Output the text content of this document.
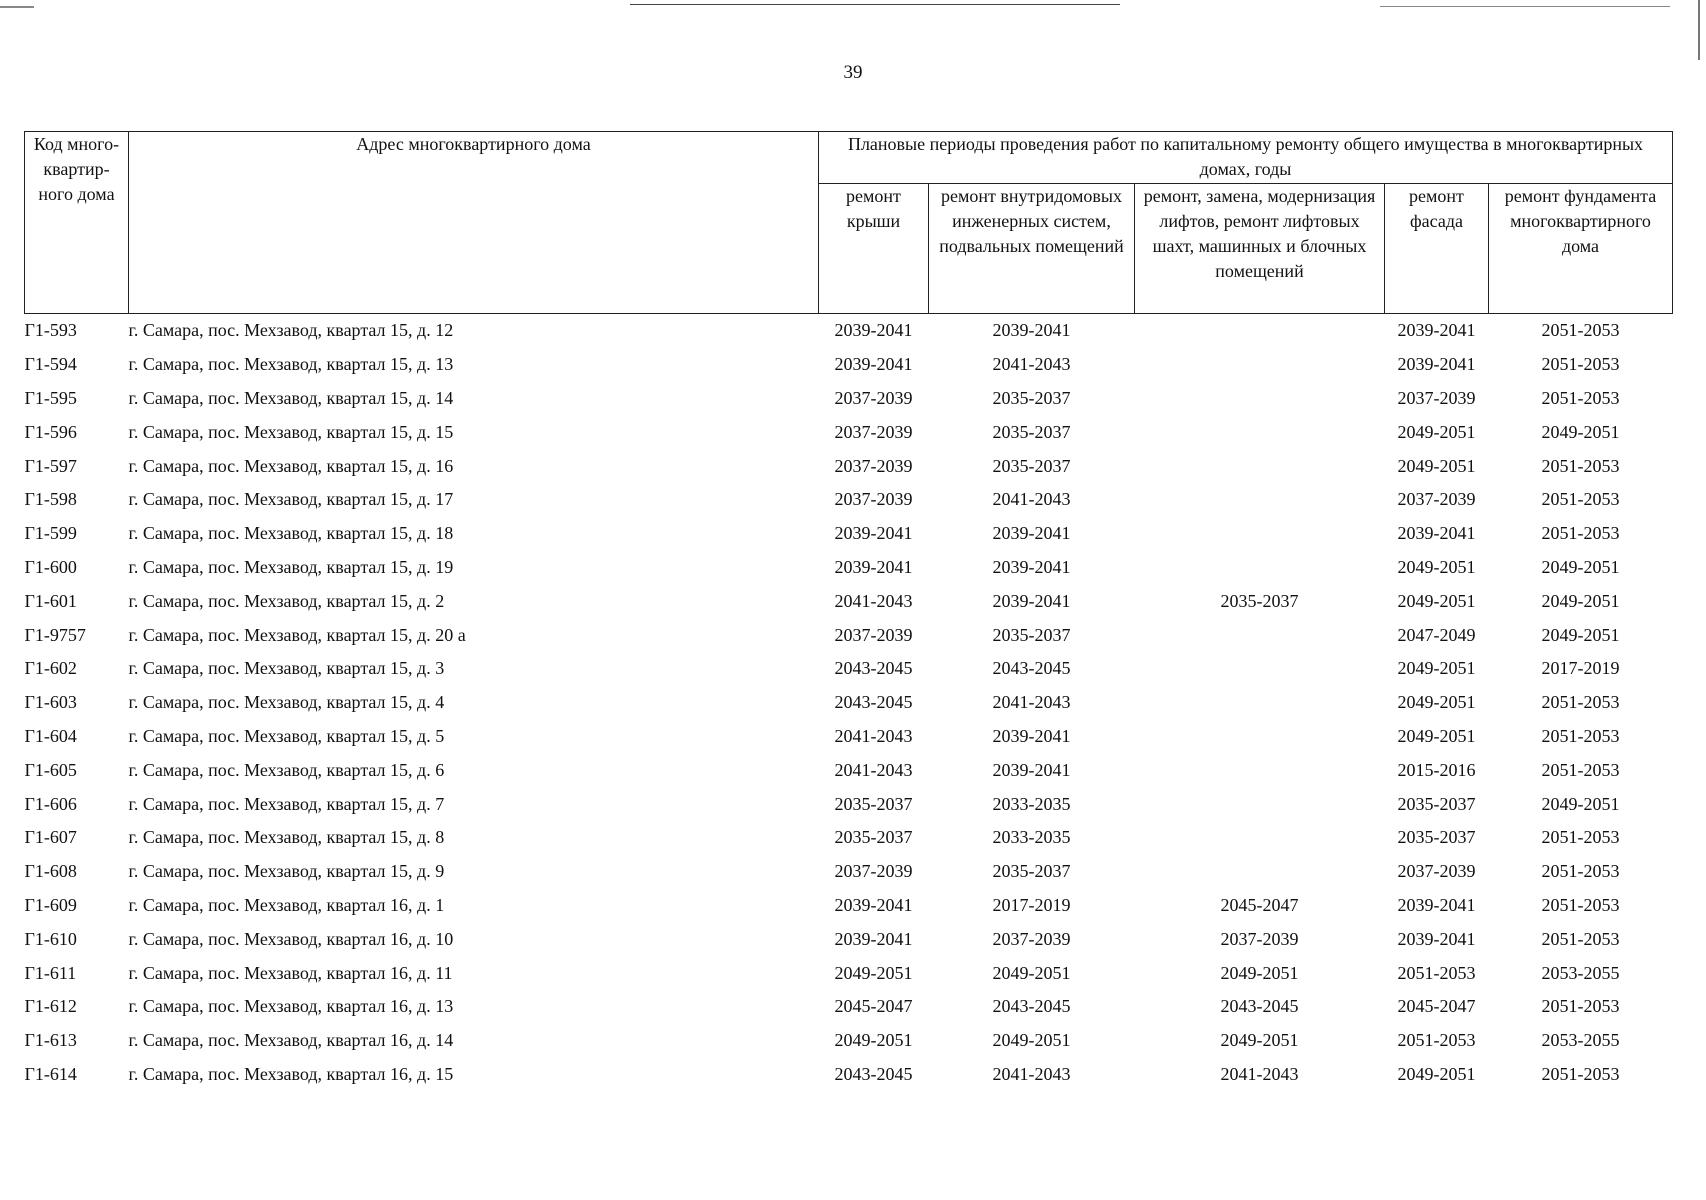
39
Код много-квартир-ного дома	Адрес многоквартирного дома	Плановые периоды проведения работ по капитальному ремонту общего имущества в многоквартирных домах, годы				
		ремонт крыши	ремонт внутридомовых инженерных систем, подвальных помещений	ремонт, замена, модернизация лифтов, ремонт лифтовых шахт, машинных и блочных помещений	ремонт фасада	ремонт фундамента многоквартирного дома
Г1-593	г. Самара, пос. Мехзавод, квартал 15, д. 12	2039-2041	2039-2041		2039-2041	2051-2053
Г1-594	г. Самара, пос. Мехзавод, квартал 15, д. 13	2039-2041	2041-2043		2039-2041	2051-2053
Г1-595	г. Самара, пос. Мехзавод, квартал 15, д. 14	2037-2039	2035-2037		2037-2039	2051-2053
Г1-596	г. Самара, пос. Мехзавод, квартал 15, д. 15	2037-2039	2035-2037		2049-2051	2049-2051
Г1-597	г. Самара, пос. Мехзавод, квартал 15, д. 16	2037-2039	2035-2037		2049-2051	2051-2053
Г1-598	г. Самара, пос. Мехзавод, квартал 15, д. 17	2037-2039	2041-2043		2037-2039	2051-2053
Г1-599	г. Самара, пос. Мехзавод, квартал 15, д. 18	2039-2041	2039-2041		2039-2041	2051-2053
Г1-600	г. Самара, пос. Мехзавод, квартал 15, д. 19	2039-2041	2039-2041		2049-2051	2049-2051
Г1-601	г. Самара, пос. Мехзавод, квартал 15, д. 2	2041-2043	2039-2041	2035-2037	2049-2051	2049-2051
Г1-9757	г. Самара, пос. Мехзавод, квартал 15, д. 20 а	2037-2039	2035-2037		2047-2049	2049-2051
Г1-602	г. Самара, пос. Мехзавод, квартал 15, д. 3	2043-2045	2043-2045		2049-2051	2017-2019
Г1-603	г. Самара, пос. Мехзавод, квартал 15, д. 4	2043-2045	2041-2043		2049-2051	2051-2053
Г1-604	г. Самара, пос. Мехзавод, квартал 15, д. 5	2041-2043	2039-2041		2049-2051	2051-2053
Г1-605	г. Самара, пос. Мехзавод, квартал 15, д. 6	2041-2043	2039-2041		2015-2016	2051-2053
Г1-606	г. Самара, пос. Мехзавод, квартал 15, д. 7	2035-2037	2033-2035		2035-2037	2049-2051
Г1-607	г. Самара, пос. Мехзавод, квартал 15, д. 8	2035-2037	2033-2035		2035-2037	2051-2053
Г1-608	г. Самара, пос. Мехзавод, квартал 15, д. 9	2037-2039	2035-2037		2037-2039	2051-2053
Г1-609	г. Самара, пос. Мехзавод, квартал 16, д. 1	2039-2041	2017-2019	2045-2047	2039-2041	2051-2053
Г1-610	г. Самара, пос. Мехзавод, квартал 16, д. 10	2039-2041	2037-2039	2037-2039	2039-2041	2051-2053
Г1-611	г. Самара, пос. Мехзавод, квартал 16, д. 11	2049-2051	2049-2051	2049-2051	2051-2053	2053-2055
Г1-612	г. Самара, пос. Мехзавод, квартал 16, д. 13	2045-2047	2043-2045	2043-2045	2045-2047	2051-2053
Г1-613	г. Самара, пос. Мехзавод, квартал 16, д. 14	2049-2051	2049-2051	2049-2051	2051-2053	2053-2055
Г1-614	г. Самара, пос. Мехзавод, квартал 16, д. 15	2043-2045	2041-2043	2041-2043	2049-2051	2051-2053
